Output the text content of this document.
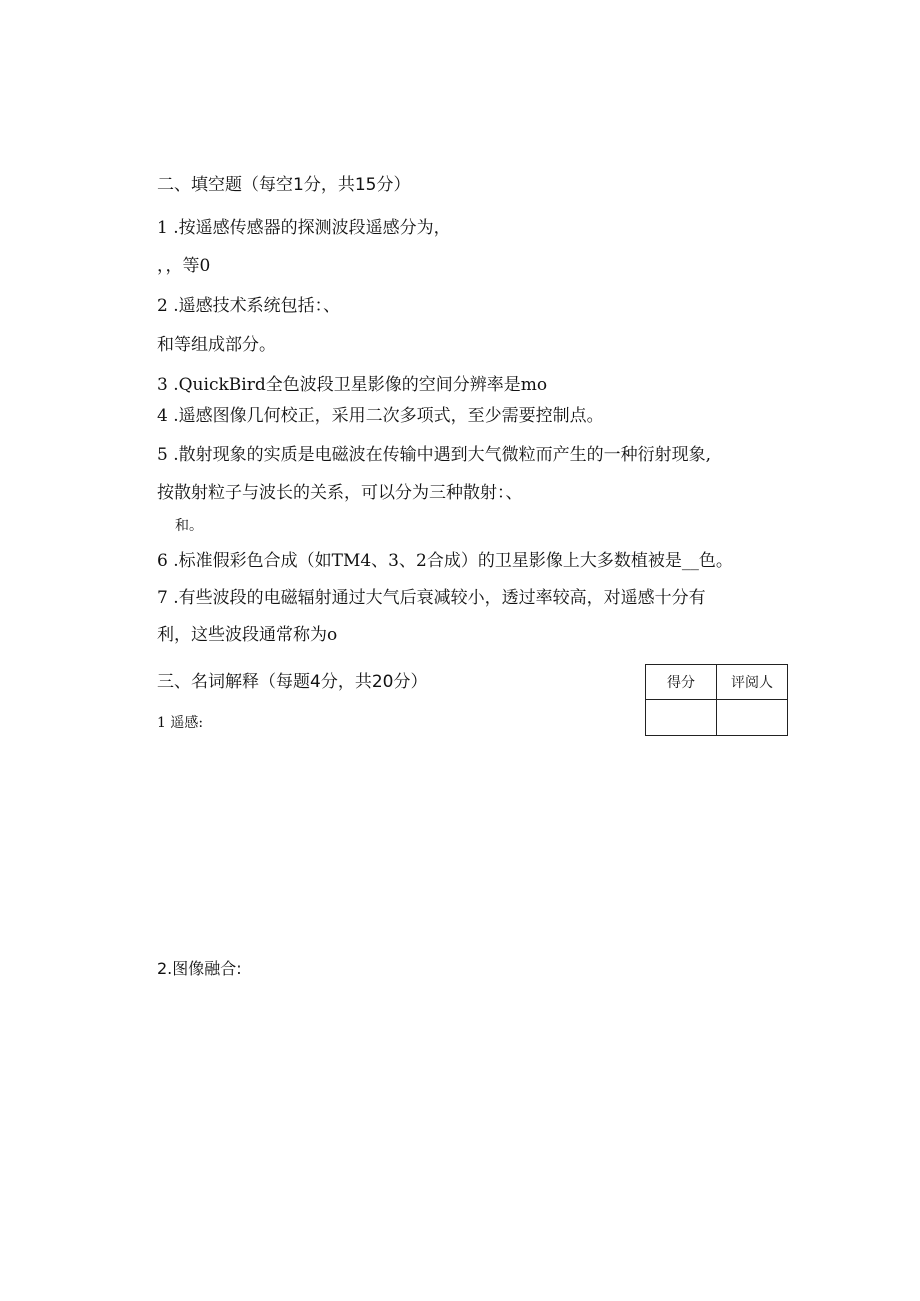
二、填空题（每空1分，共15分）
1 .按遥感传感器的探测波段遥感分为，
，，等0
2 .遥感技术系统包括：、
和等组成部分。
3 .QuickBird全色波段卫星影像的空间分辨率是mo
4 .遥感图像几何校正，采用二次多项式，至少需要控制点。
5 .散射现象的实质是电磁波在传输中遇到大气微粒而产生的一种衍射现象,
按散射粒子与波长的关系，可以分为三种散射：、
和。
6 .标准假彩色合成（如TM4、3、2合成）的卫星影像上大多数植被是__色。
7 .有些波段的电磁辐射通过大气后衰减较小，透过率较高，对遥感十分有
利，这些波段通常称为o
三、名词解释（每题4分，共20分）
1 遥感:
2.图像融合:
得分	评阅人
